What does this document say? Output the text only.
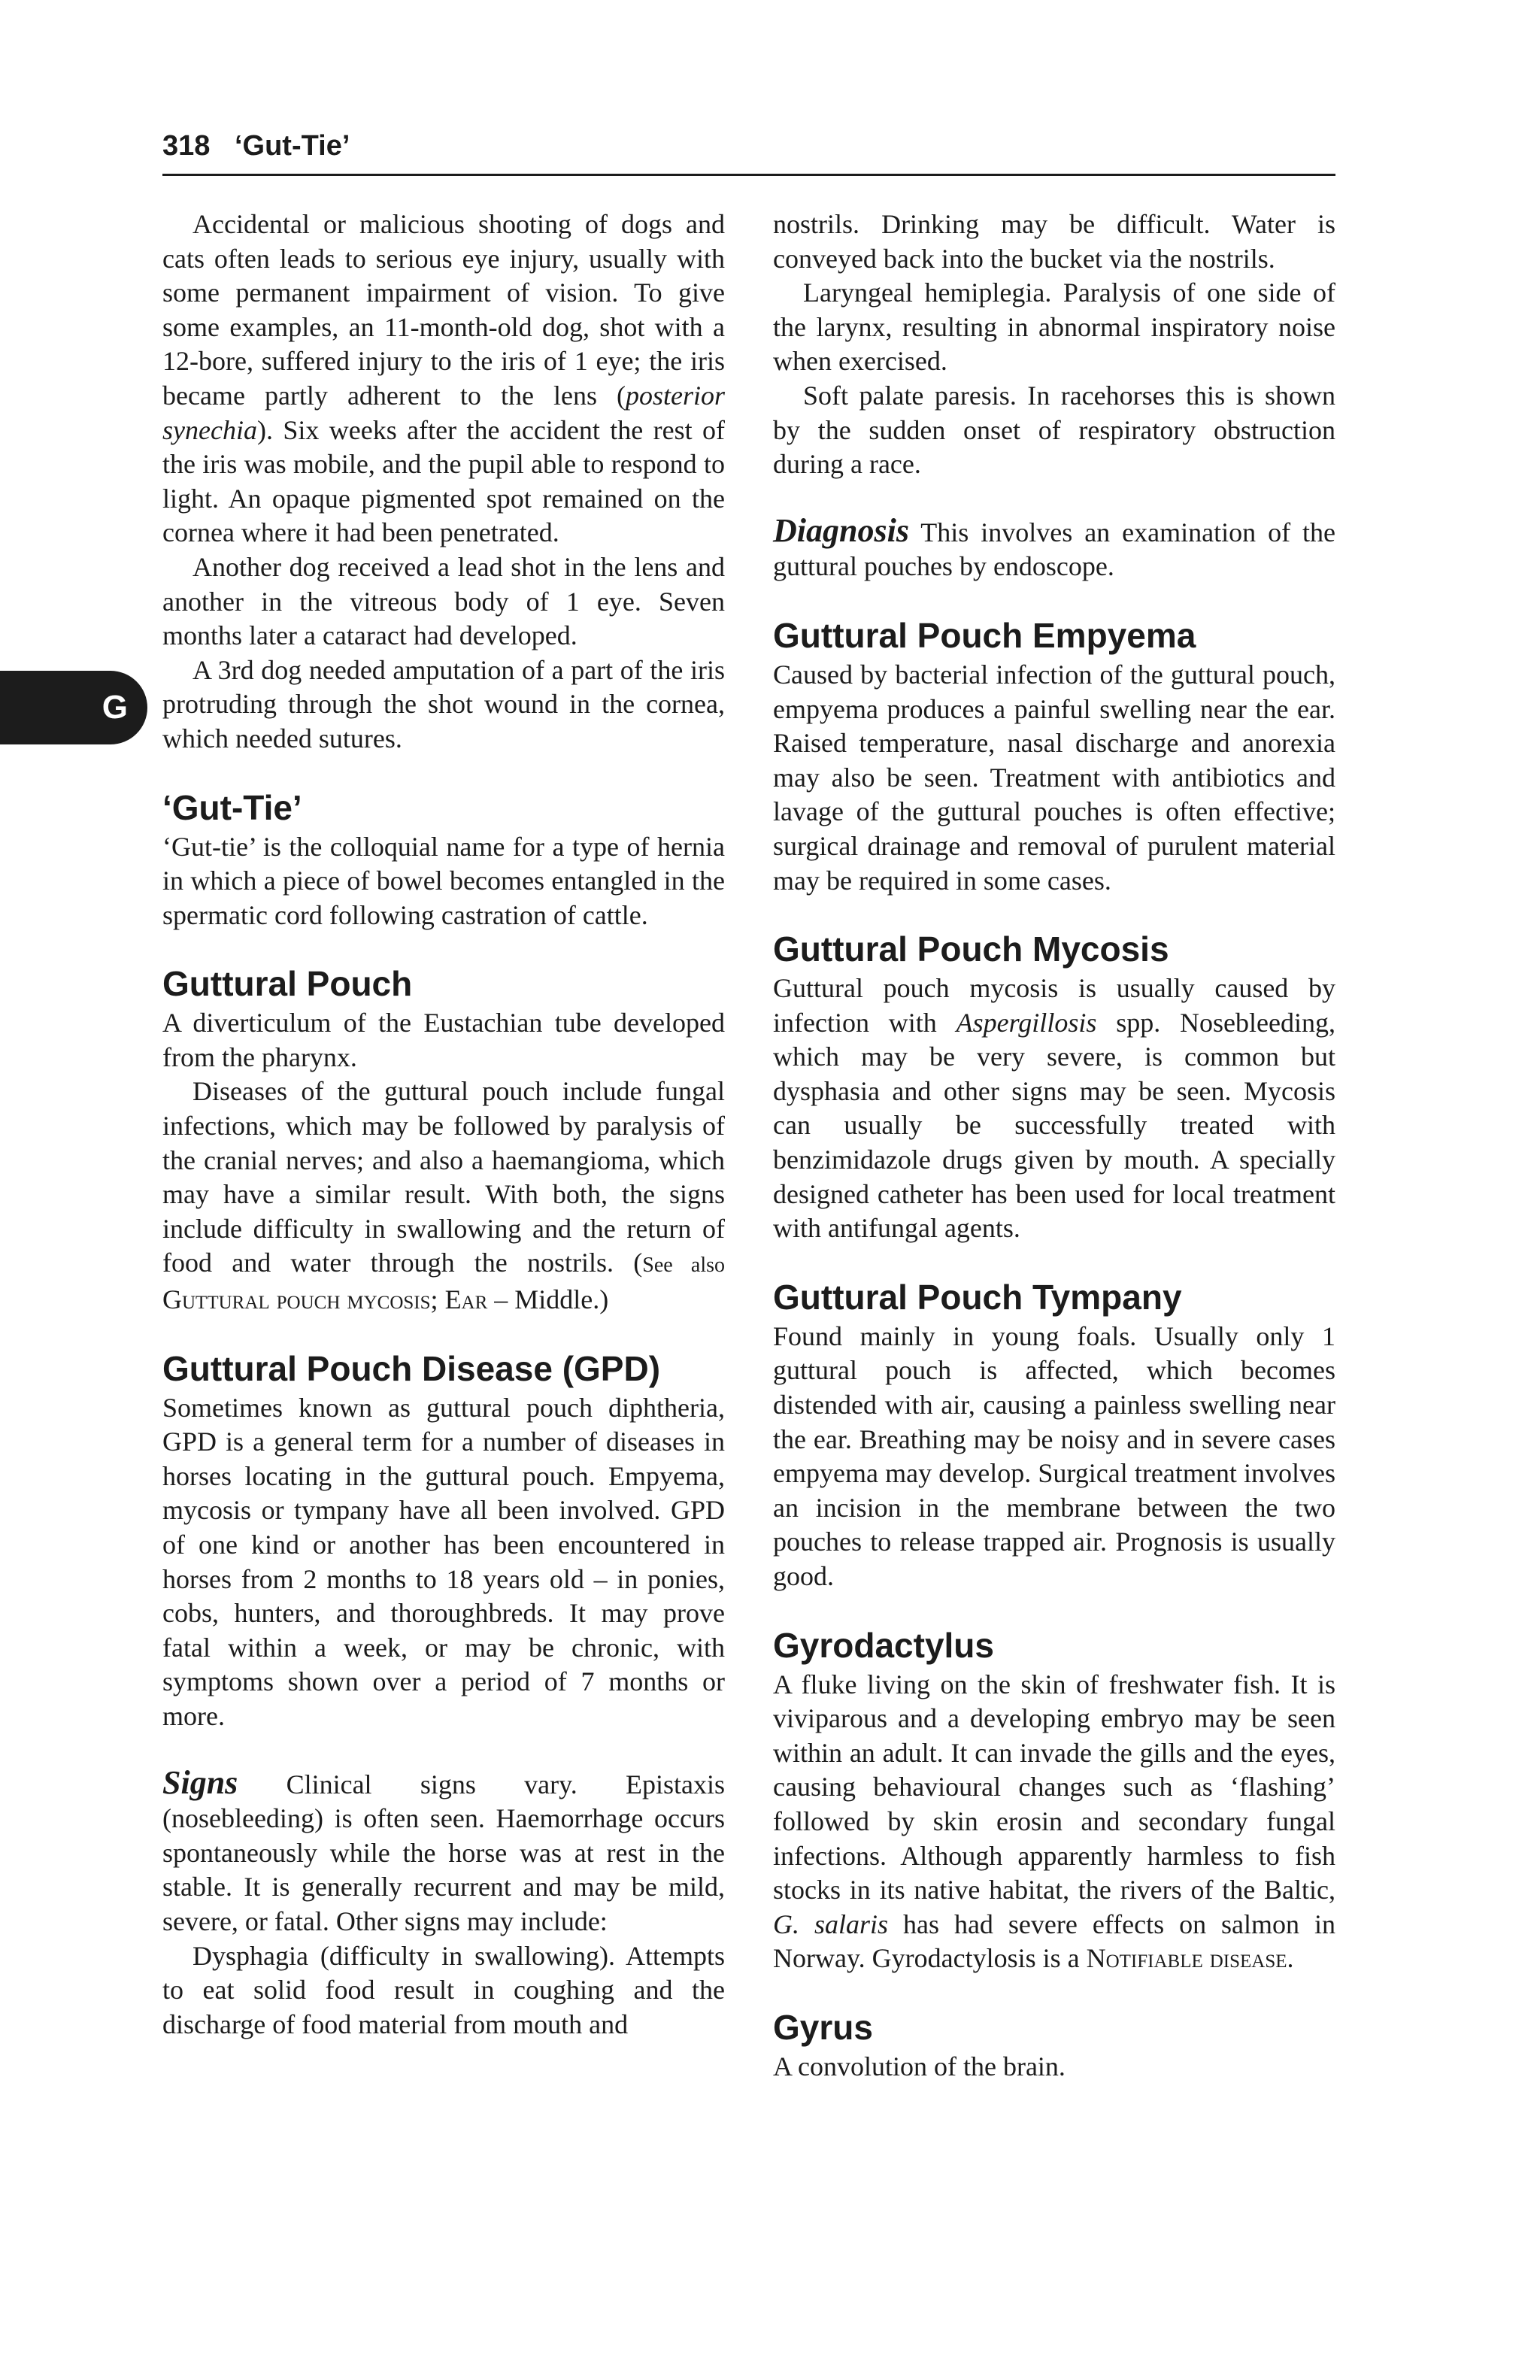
318 ‘Gut-Tie’
G

Accidental or malicious shooting of dogs and cats often leads to serious eye injury, usually with some permanent impairment of vision. To give some examples, an 11-month-old dog, shot with a 12-bore, suffered injury to the iris of 1 eye; the iris became partly adherent to the lens (posterior synechia). Six weeks after the accident the rest of the iris was mobile, and the pupil able to respond to light. An opaque pigmented spot remained on the cornea where it had been penetrated.

Another dog received a lead shot in the lens and another in the vitreous body of 1 eye. Seven months later a cataract had developed.

A 3rd dog needed amputation of a part of the iris protruding through the shot wound in the cornea, which needed sutures.

‘Gut-Tie’

‘Gut-tie’ is the colloquial name for a type of hernia in which a piece of bowel becomes entangled in the spermatic cord following castration of cattle.

Guttural Pouch

A diverticulum of the Eustachian tube developed from the pharynx.

Diseases of the guttural pouch include fungal infections, which may be followed by paralysis of the cranial nerves; and also a haemangioma, which may have a similar result. With both, the signs include difficulty in swallowing and the return of food and water through the nostrils. (See also Guttural pouch mycosis; Ear – Middle.)

Guttural Pouch Disease (GPD)

Sometimes known as guttural pouch diphtheria, GPD is a general term for a number of diseases in horses locating in the guttural pouch. Empyema, mycosis or tympany have all been involved. GPD of one kind or another has been encountered in horses from 2 months to 18 years old – in ponies, cobs, hunters, and thoroughbreds. It may prove fatal within a week, or may be chronic, with symptoms shown over a period of 7 months or more.

Signs Clinical signs vary. Epistaxis (nosebleeding) is often seen. Haemorrhage occurs spontaneously while the horse was at rest in the stable. It is generally recurrent and may be mild, severe, or fatal. Other signs may include:

Dysphagia (difficulty in swallowing). Attempts to eat solid food result in coughing and the discharge of food material from mouth and

nostrils. Drinking may be difficult. Water is conveyed back into the bucket via the nostrils.

Laryngeal hemiplegia. Paralysis of one side of the larynx, resulting in abnormal inspiratory noise when exercised.

Soft palate paresis. In racehorses this is shown by the sudden onset of respiratory obstruction during a race.

Diagnosis This involves an examination of the guttural pouches by endoscope.

Guttural Pouch Empyema

Caused by bacterial infection of the guttural pouch, empyema produces a painful swelling near the ear. Raised temperature, nasal discharge and anorexia may also be seen. Treatment with antibiotics and lavage of the guttural pouches is often effective; surgical drainage and removal of purulent material may be required in some cases.

Guttural Pouch Mycosis

Guttural pouch mycosis is usually caused by infection with Aspergillosis spp. Nosebleeding, which may be very severe, is common but dysphasia and other signs may be seen. Mycosis can usually be successfully treated with benzimidazole drugs given by mouth. A specially designed catheter has been used for local treatment with antifungal agents.

Guttural Pouch Tympany

Found mainly in young foals. Usually only 1 guttural pouch is affected, which becomes distended with air, causing a painless swelling near the ear. Breathing may be noisy and in severe cases empyema may develop. Surgical treatment involves an incision in the membrane between the two pouches to release trapped air. Prognosis is usually good.

Gyrodactylus

A fluke living on the skin of freshwater fish. It is viviparous and a developing embryo may be seen within an adult. It can invade the gills and the eyes, causing behavioural changes such as ‘flashing’ followed by skin erosin and secondary fungal infections. Although apparently harmless to fish stocks in its native habitat, the rivers of the Baltic, G. salaris has had severe effects on salmon in Norway. Gyrodactylosis is a Notifiable disease.

Gyrus

A convolution of the brain.
